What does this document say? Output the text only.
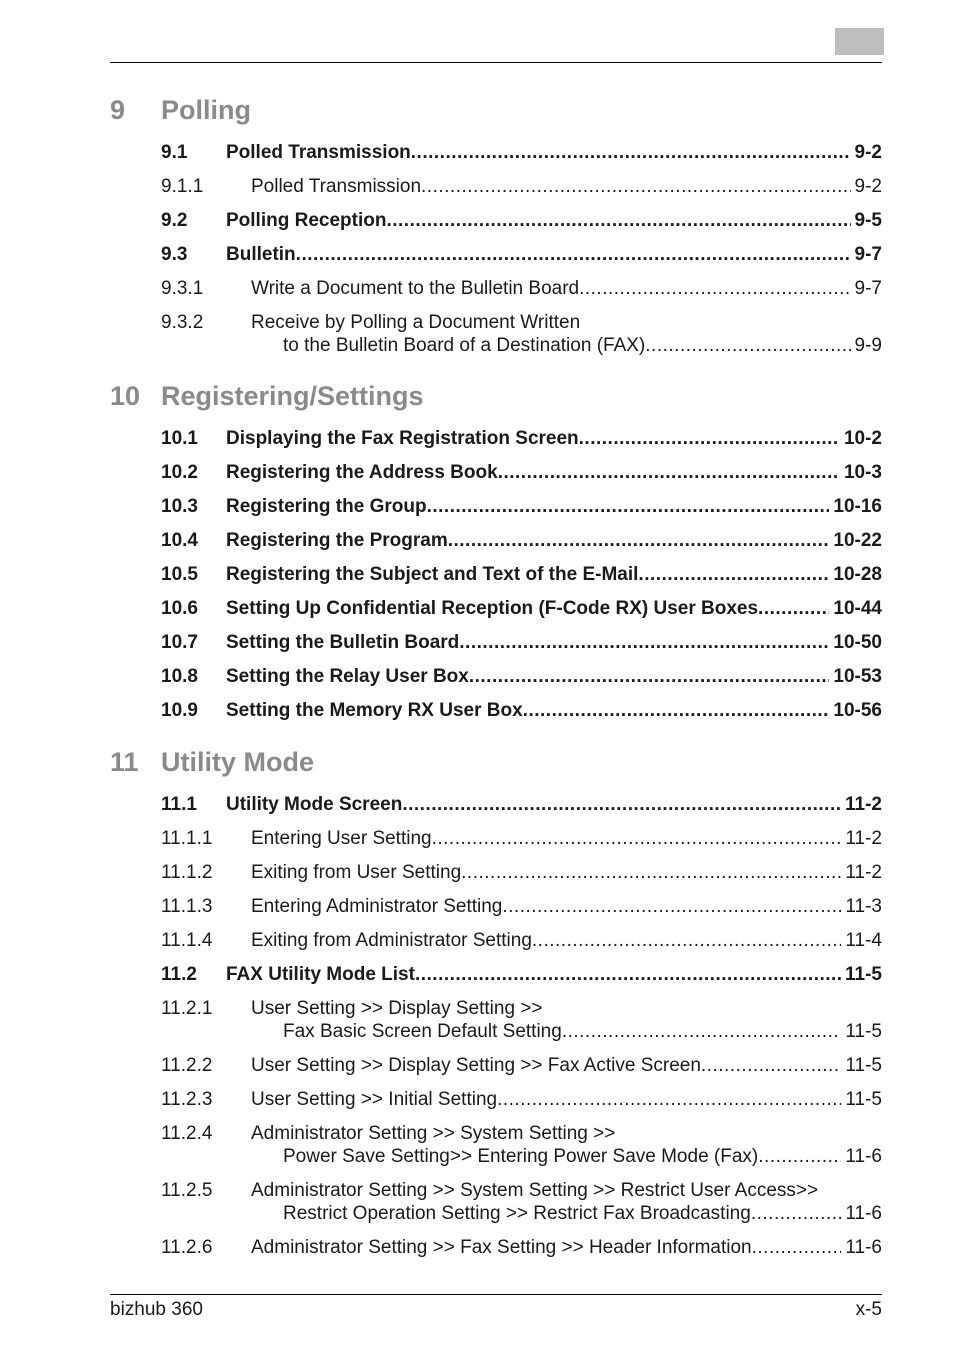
9 Polling
9.1 Polled Transmission .....	9-2
9.1.1	Polled Transmission .....	9-2
9.2 Polling Reception .....	9-5
9.3 Bulletin .....	9-7
9.3.1	Write a Document to the Bulletin Board .....	9-7
9.3.2	Receive by Polling a Document Written
to the Bulletin Board of a Destination (FAX) .....	9-9
10 Registering/Settings
10.1 Displaying the Fax Registration Screen .....	10-2
10.2 Registering the Address Book .....	10-3
10.3 Registering the Group .....	10-16
10.4 Registering the Program .....	10-22
10.5 Registering the Subject and Text of the E-Mail .....	10-28
10.6 Setting Up Confidential Reception (F-Code RX) User Boxes .....	10-44
10.7 Setting the Bulletin Board .....	10-50
10.8 Setting the Relay User Box .....	10-53
10.9 Setting the Memory RX User Box .....	10-56
11 Utility Mode
11.1 Utility Mode Screen .....	11-2
11.1.1 Entering User Setting .....	11-2
11.1.2 Exiting from User Setting .....	11-2
11.1.3 Entering Administrator Setting .....	11-3
11.1.4 Exiting from Administrator Setting .....	11-4
11.2 FAX Utility Mode List .....	11-5
11.2.1 User Setting >> Display Setting >>
Fax Basic Screen Default Setting .....	11-5
11.2.2 User Setting >> Display Setting >> Fax Active Screen .....	11-5
11.2.3 User Setting >> Initial Setting .....	11-5
11.2.4 Administrator Setting >> System Setting >>
Power Save Setting>> Entering Power Save Mode (Fax) .....	11-6
11.2.5 Administrator Setting >> System Setting >> Restrict User Access>>
Restrict Operation Setting >> Restrict Fax Broadcasting .....	11-6
11.2.6 Administrator Setting >> Fax Setting >> Header Information .....	11-6
bizhub 360	x-5
